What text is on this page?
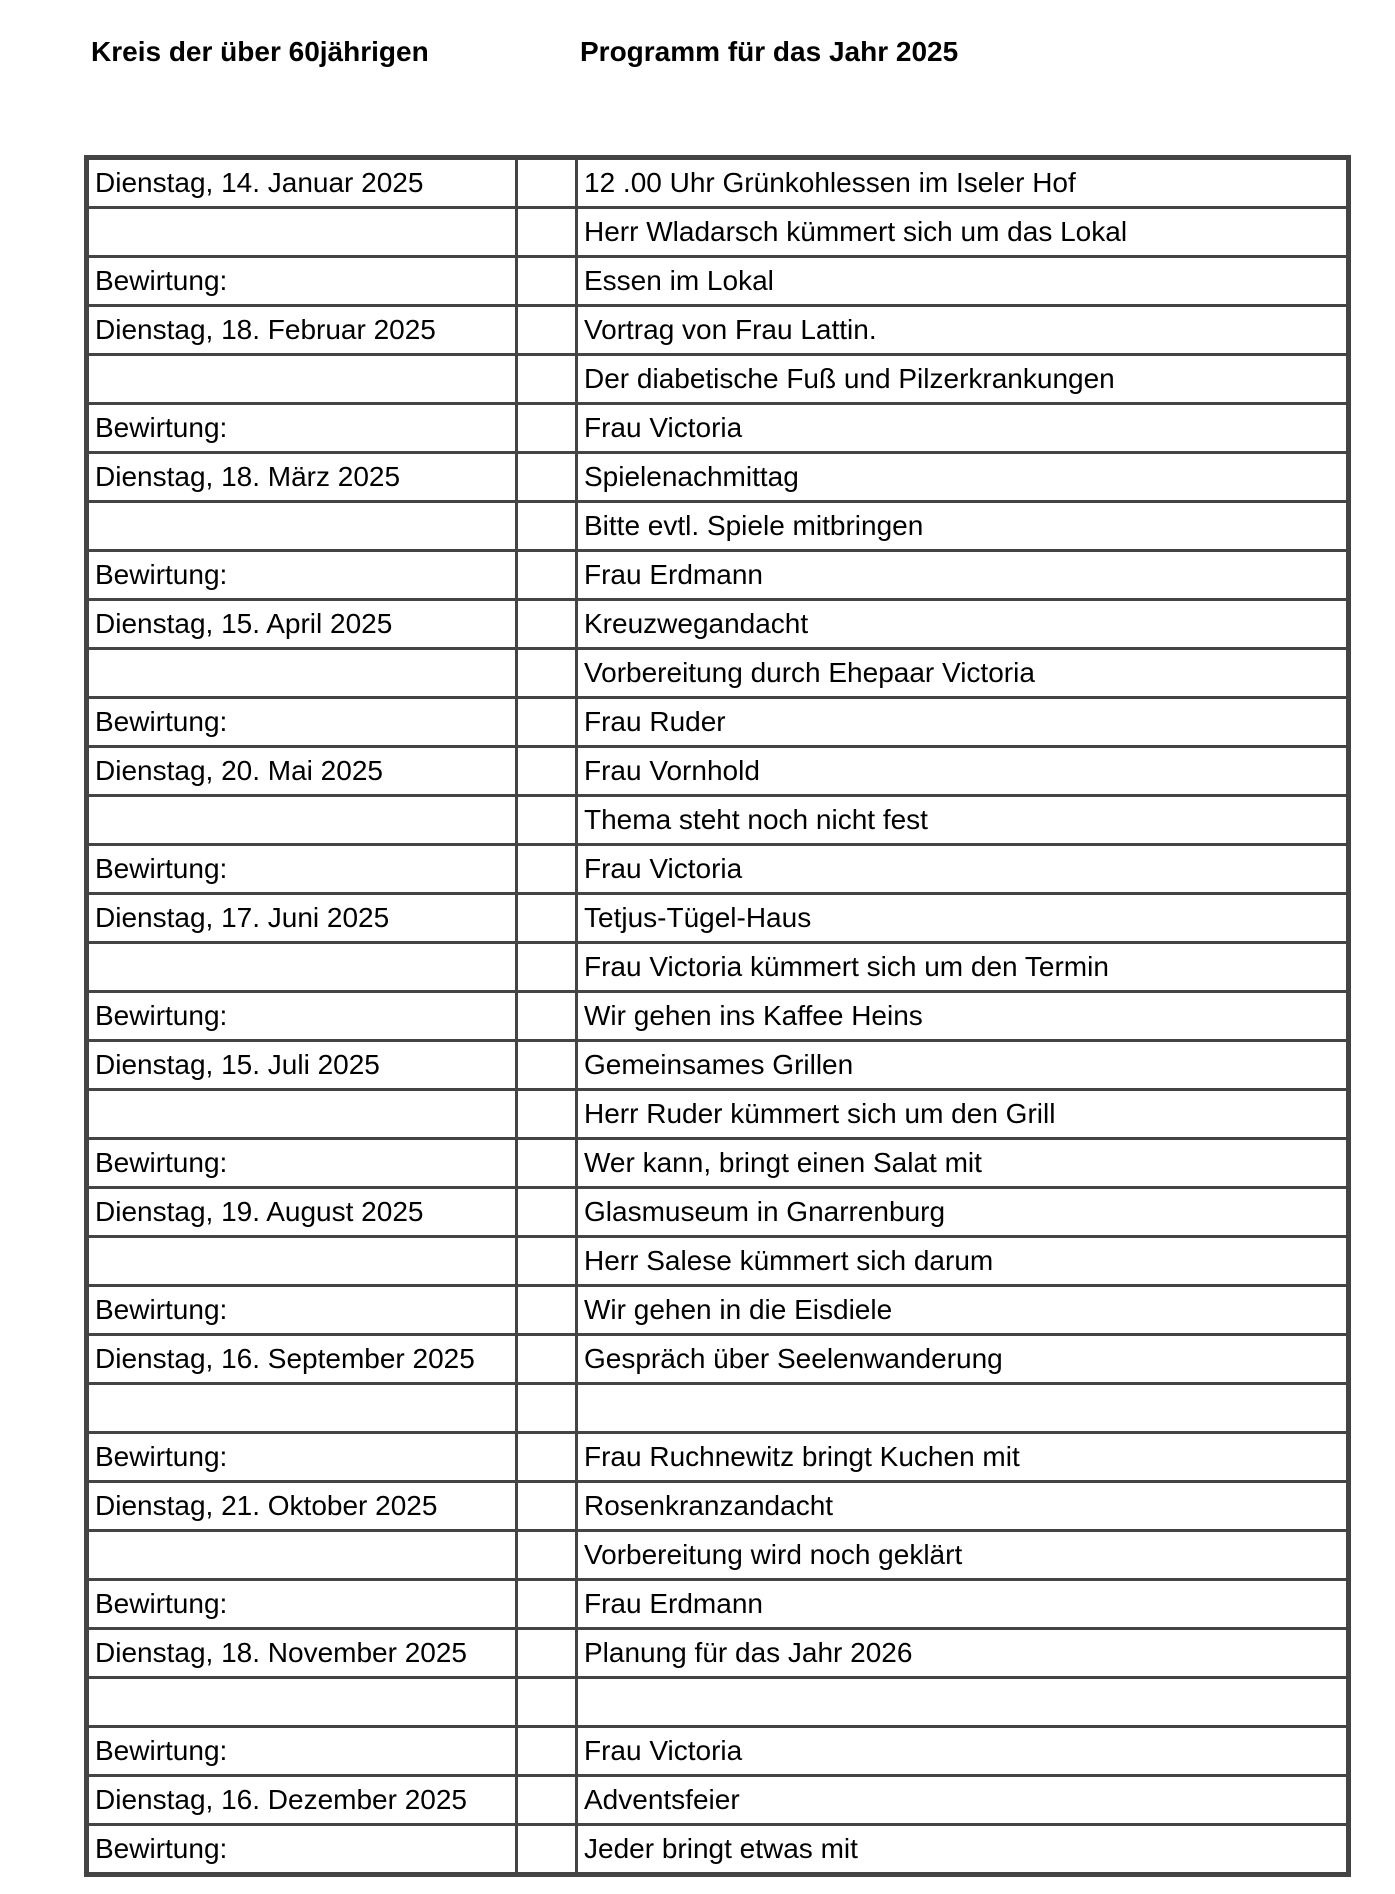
Kreis der über 60jährigen	Programm für das Jahr 2025
Dienstag, 14. Januar 2025		12 .00 Uhr Grünkohlessen im Iseler Hof
		Herr Wladarsch kümmert sich um das Lokal
Bewirtung:		Essen im Lokal
Dienstag, 18. Februar 2025		Vortrag von Frau Lattin.
		Der diabetische Fuß und Pilzerkrankungen
Bewirtung:		Frau Victoria
Dienstag, 18. März 2025		Spielenachmittag
		Bitte evtl. Spiele mitbringen
Bewirtung:		Frau Erdmann
Dienstag, 15. April 2025		Kreuzwegandacht
		Vorbereitung durch Ehepaar Victoria
Bewirtung:		Frau Ruder
Dienstag, 20. Mai 2025		Frau Vornhold
		Thema steht noch nicht fest
Bewirtung:		Frau Victoria
Dienstag, 17. Juni 2025		Tetjus-Tügel-Haus
		Frau Victoria kümmert sich um den Termin
Bewirtung:		Wir gehen ins Kaffee Heins
Dienstag, 15. Juli 2025		Gemeinsames Grillen
		Herr Ruder kümmert sich um den Grill
Bewirtung:		Wer kann, bringt einen Salat mit
Dienstag, 19. August 2025		Glasmuseum in Gnarrenburg
		Herr Salese kümmert sich darum
Bewirtung:		Wir gehen in die Eisdiele
Dienstag, 16. September 2025		Gespräch über Seelenwanderung

Bewirtung:		Frau Ruchnewitz bringt Kuchen mit
Dienstag, 21. Oktober 2025		Rosenkranzandacht
		Vorbereitung wird noch geklärt
Bewirtung:		Frau Erdmann
Dienstag, 18. November 2025		Planung für das Jahr 2026

Bewirtung:		Frau Victoria
Dienstag, 16. Dezember 2025		Adventsfeier
Bewirtung:		Jeder bringt etwas mit
